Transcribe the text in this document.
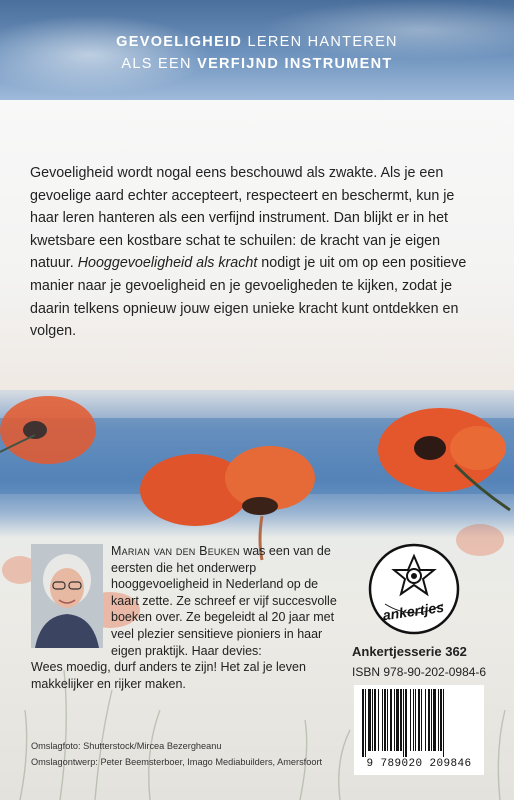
GEVOELIGHEID LEREN HANTEREN
ALS EEN VERFIJND INSTRUMENT

Gevoeligheid wordt nogal eens beschouwd als zwakte. Als je een gevoelige aard echter accepteert, respecteert en beschermt, kun je haar leren hanteren als een verfijnd instrument. Dan blijkt er in het kwetsbare een kostbare schat te schuilen: de kracht van je eigen natuur. Hooggevoeligheid als kracht nodigt je uit om op een positieve manier naar je gevoeligheid en je gevoeligheden te kijken, zodat je daarin telkens opnieuw jouw eigen unieke kracht kunt ontdekken en volgen.

Marian van den Beuken was een van de eersten die het onderwerp hooggevoeligheid in Nederland op de kaart zette. Ze schreef er vijf succesvolle boeken over. Ze begeleidt al 20 jaar met veel plezier sensitieve pioniers in haar eigen praktijk. Haar devies:

Wees moedig, durf anders te zijn! Het zal je leven makkelijker en rijker maken.

Omslagfoto: Shutterstock/Mircea Bezergheanu
Omslagontwerp: Peter Beemsterboer, Imago Mediabuilders, Amersfoort
ankertjes
Ankertjesserie 362
ISBN 978-90-202-0984-6
9 789020 209846
